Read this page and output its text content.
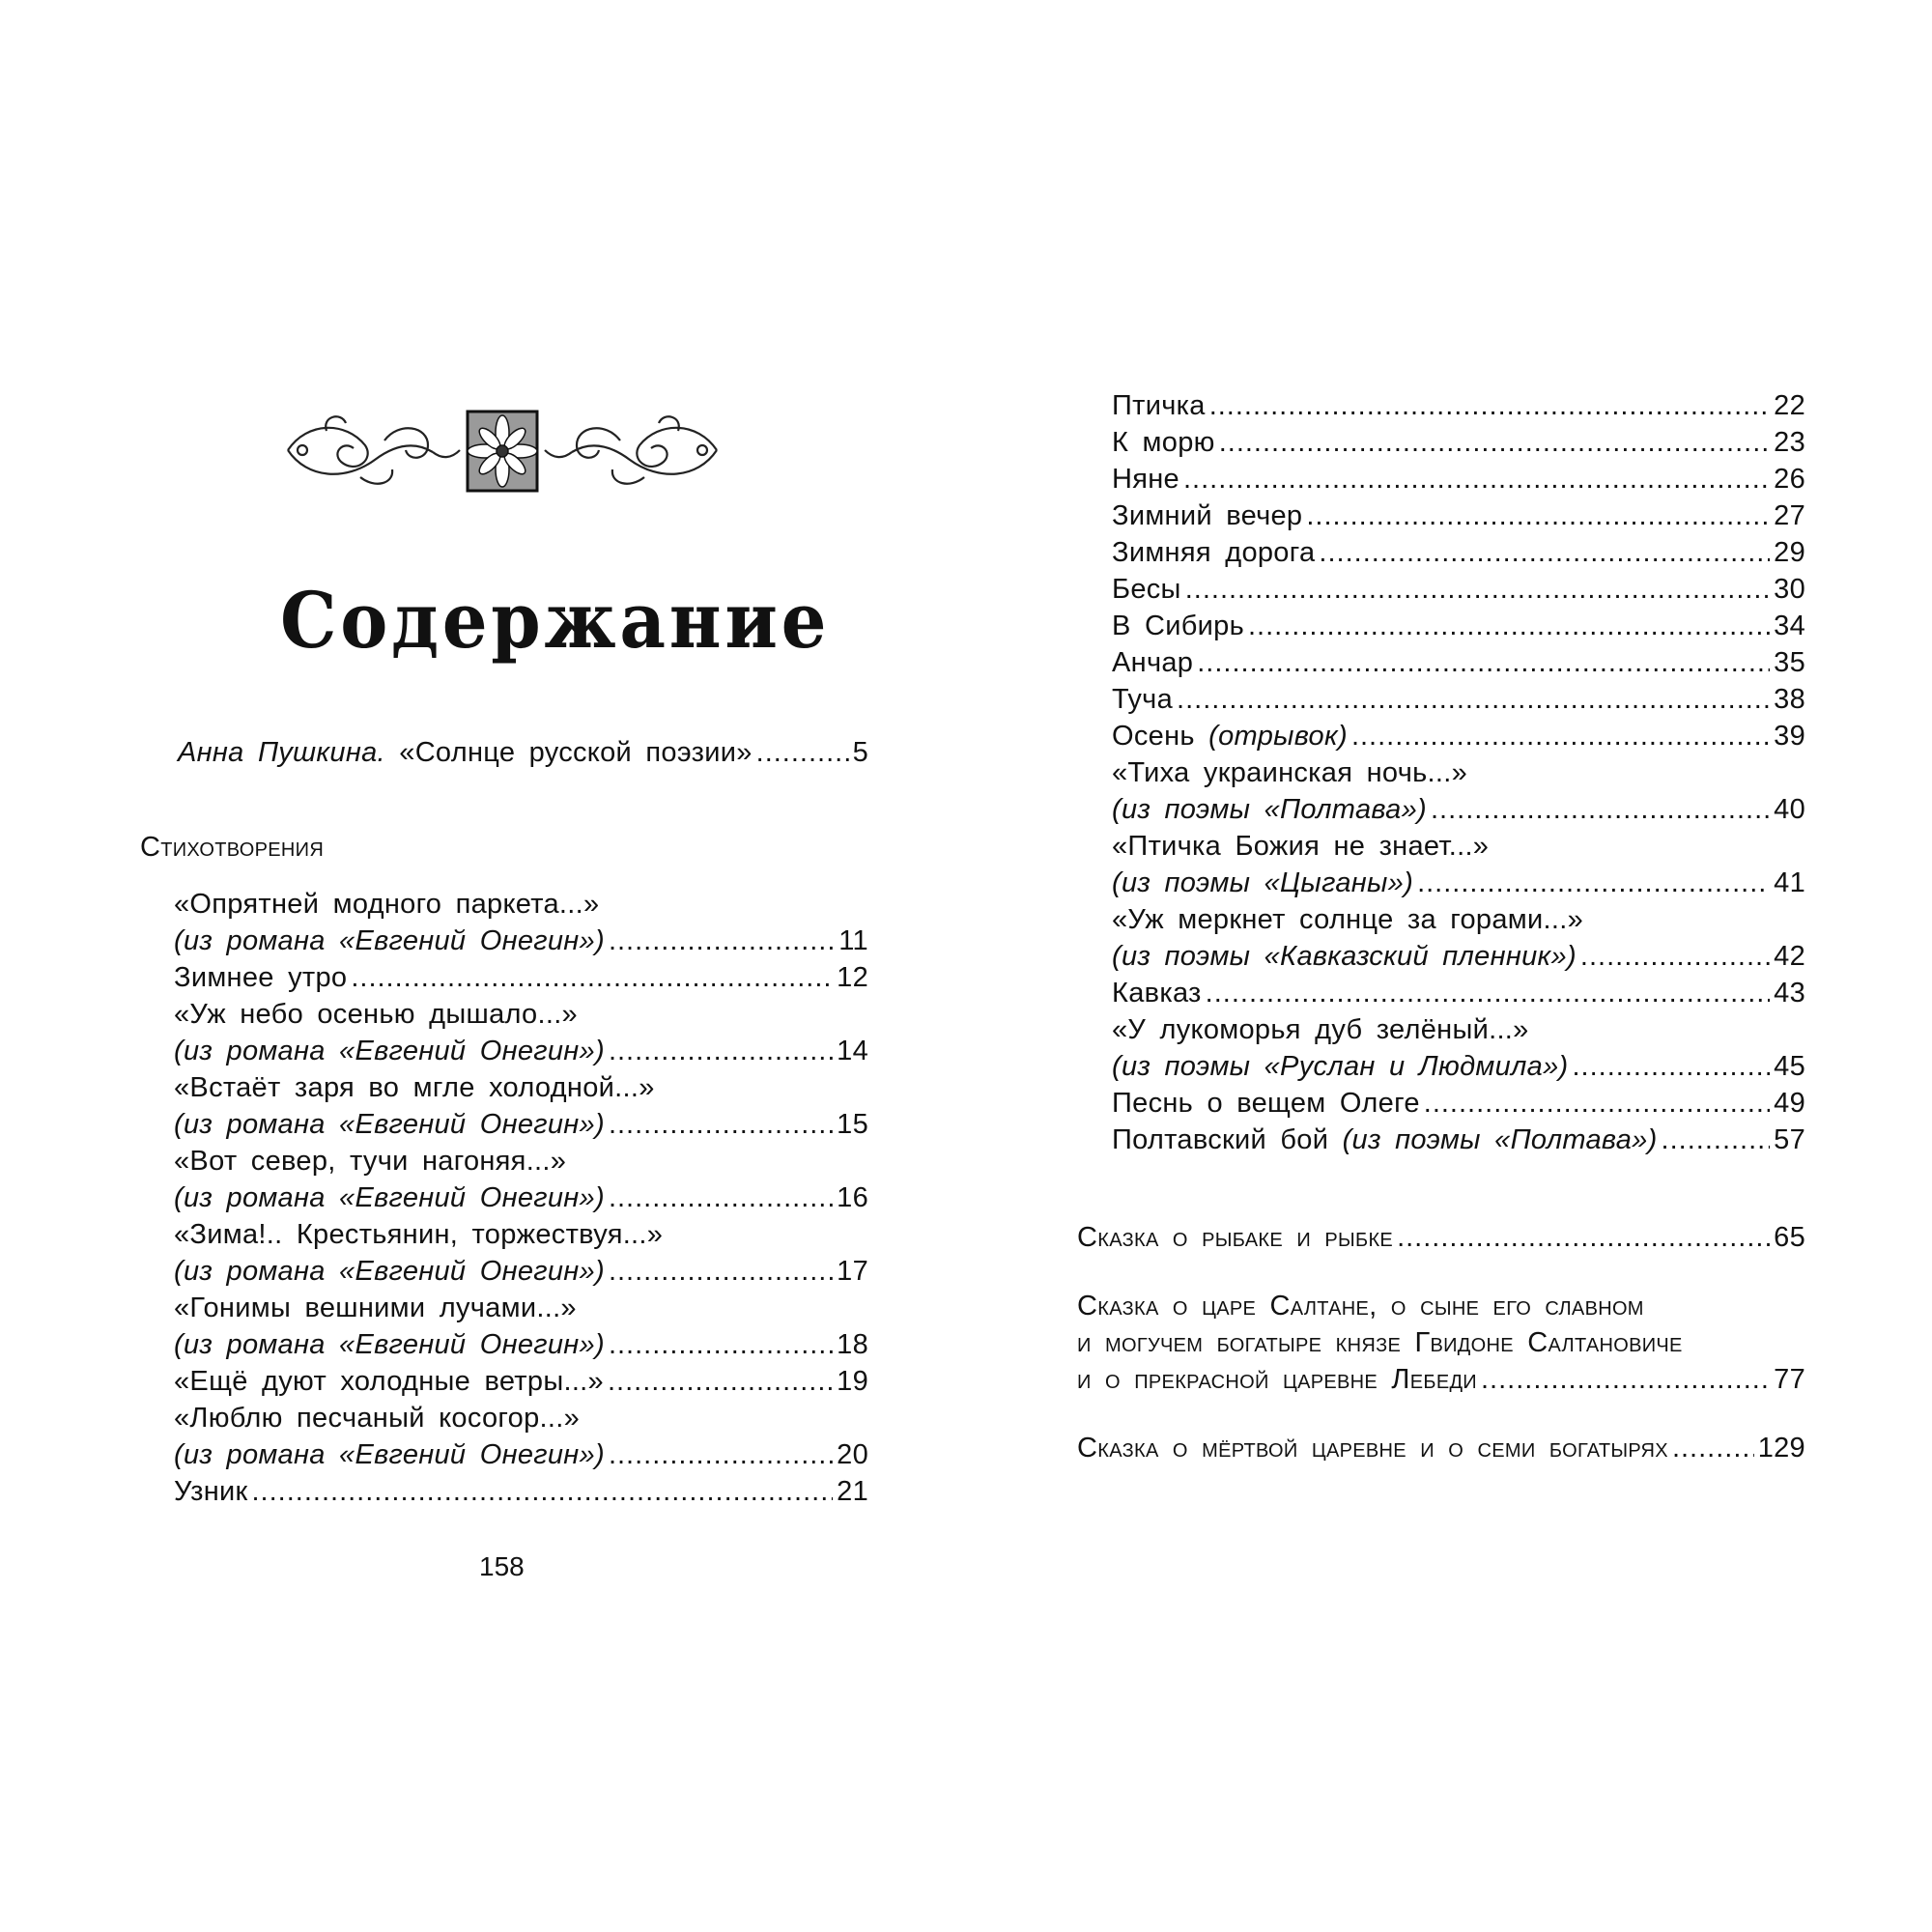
Содержание
Анна Пушкина. «Солнце русской поэзии» .....	5
Стихотворения
«Опрятней модного паркета...»
(из романа «Евгений Онегин») .....	11
Зимнее утро .....	12
«Уж небо осенью дышало...»
(из романа «Евгений Онегин») .....	14
«Встаёт заря во мгле холодной...»
(из романа «Евгений Онегин») .....	15
«Вот север, тучи нагоняя...»
(из романа «Евгений Онегин») .....	16
«Зима!.. Крестьянин, торжествуя...»
(из романа «Евгений Онегин») .....	17
«Гонимы вешними лучами...»
(из романа «Евгений Онегин») .....	18
«Ещё дуют холодные ветры...» .....	19
«Люблю песчаный косогор...»
(из романа «Евгений Онегин») .....	20
Узник .....	21
Птичка .....	22
К морю .....	23
Няне .....	26
Зимний вечер .....	27
Зимняя дорога .....	29
Бесы .....	30
В Сибирь .....	34
Анчар .....	35
Туча .....	38
Осень (отрывок) .....	39
«Тиха украинская ночь...»
(из поэмы «Полтава») .....	40
«Птичка Божия не знает...»
(из поэмы «Цыганы») .....	41
«Уж меркнет солнце за горами...»
(из поэмы «Кавказский пленник») .....	42
Кавказ .....	43
«У лукоморья дуб зелёный...»
(из поэмы «Руслан и Людмила») .....	45
Песнь о вещем Олеге .....	49
Полтавский бой (из поэмы «Полтава») .....	57
Сказка о рыбаке и рыбке .....	65
Сказка о царе Салтане, о сыне его славном
и могучем богатыре князе Гвидоне Салтановиче
и о прекрасной царевне Лебеди .....	77
Сказка о мёртвой царевне и о семи богатырях .....	129
158
